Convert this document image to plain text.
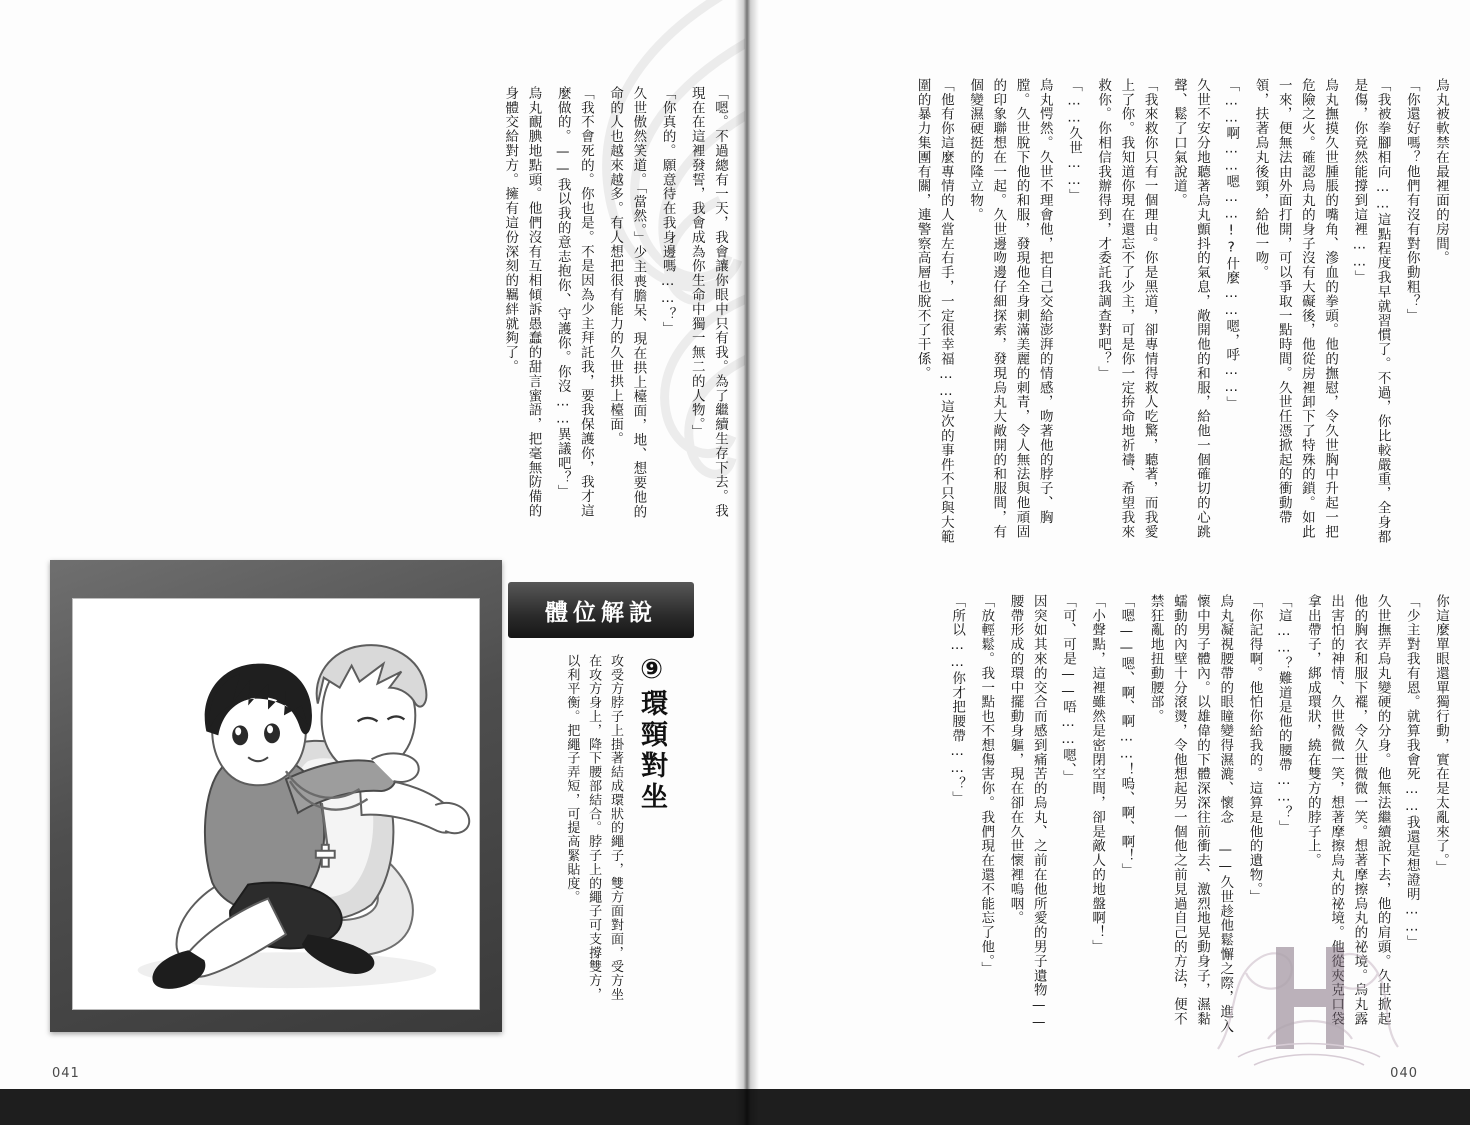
「嗯。不過總有一天，我會讓你眼中只有我。為了繼續生存下去。我現在在這裡發誓，我會成為你生命中獨一無二的人物。」
「你真的。願意待在我身邊嗎……？」
久世傲然笑道。「當然。」少主喪膽呆、現在拱上檯面，地、想要他的命的人也越來越多。有人想把很有能力的久世拱上檯面。
「我不會死的。你也是。不是因為少主拜託我，要我保護你，我才這麼做的。——我以我的意志抱你、守護你。你沒……異議吧？」
烏丸靦腆地點頭。他們沒有互相傾訴愚蠢的甜言蜜語，把毫無防備的身體交給對方。擁有這份深刻的羈絆就夠了。
體位解說
⑨環頸對坐
攻受方脖子上掛著結成環狀的繩子，雙方面對面，受方坐在攻方身上，降下腰部結合。脖子上的繩子可支撐雙方，以利平衡。把繩子弄短，可提高緊貼度。
041
烏丸被軟禁在最裡面的房間。
「你還好嗎？他們有沒有對你動粗？」
「我被拳腳相向……這點程度我早就習慣了。不過，你比較嚴重，全身都是傷，你竟然能撐到這裡……」
烏丸撫摸久世腫脹的嘴角、滲血的拳頭。他的撫慰，令久世胸中升起一把危險之火。確認烏丸的身子沒有大礙後，他從房裡卸下了特殊的鎖。如此一來，便無法由外面打開，可以爭取一點時間。久世任憑掀起的衝動帶領，扶著烏丸後頸，給他一吻。
「……啊……嗯……!?什麼……嗯，呼……」
久世不安分地聽著烏丸顫抖的氣息，敞開他的和服，給他一個確切的心跳聲、鬆了口氣說道。
「我來救你只有一個理由。你是黑道，卻專情得救人吃驚，聽著，而我愛上了你。我知道你現在還忘不了少主，可是你一定拚命地祈禱、希望我來救你。你相信我辦得到，才委託我調查對吧？」
「……久世……」
烏丸愕然。久世不理會他，把自己交給澎湃的情感，吻著他的脖子、胸膛。久世脫下他的和服，發現他全身刺滿美麗的刺青，令人無法與他頑固的印象聯想在一起。久世邊吻邊仔細探索，發現烏丸大敞開的和服間，有個變濕硬挺的隆立物。
「他有你這麼專情的人當左右手，一定很幸福……這次的事件不只與大範圍的暴力集團有關，連警察高層也脫不了干係。
你這麼單眼還單獨行動，實在是太亂來了。」
「少主對我有恩。就算我會死……我還是想證明……」
久世撫弄烏丸變硬的分身。他無法繼續說下去，他的肩頭。久世掀起他的胸衣和服下襬，令久世微微一笑。想著摩擦烏丸的祕境。烏丸露出害怕的神情、久世微微一笑，想著摩擦烏丸的祕境。他從夾克口袋拿出帶子，綁成環狀，繞在雙方的脖子上。
「這……？難道是他的腰帶……？」
「你記得啊。他怕你給我的。這算是他的遺物。」
烏丸凝視腰帶的眼瞳變得濕漉、懷念 ——久世趁他鬆懈之際，進入懷中男子體內。以雄偉的下體深深往前衝去、激烈地晃動身子，濕黏蠕動的內壁十分滾燙，令他想起另一個他之前見過自己的方法，便不禁狂亂地扭動腰部。
「嗯——嗯、啊、啊……！嗚、啊、啊！」
「小聲點，這裡雖然是密閉空間，卻是敵人的地盤啊！」
「可、可是——唔……嗯、」
因突如其來的交合而感到痛苦的烏丸、之前在他所愛的男子遺物——腰帶形成的環中擺動身軀，現在卻在久世懷裡嗚咽。
「放輕鬆。我一點也不想傷害你。我們現在還不能忘了他。」
「所以……你才把腰帶……？」
040
